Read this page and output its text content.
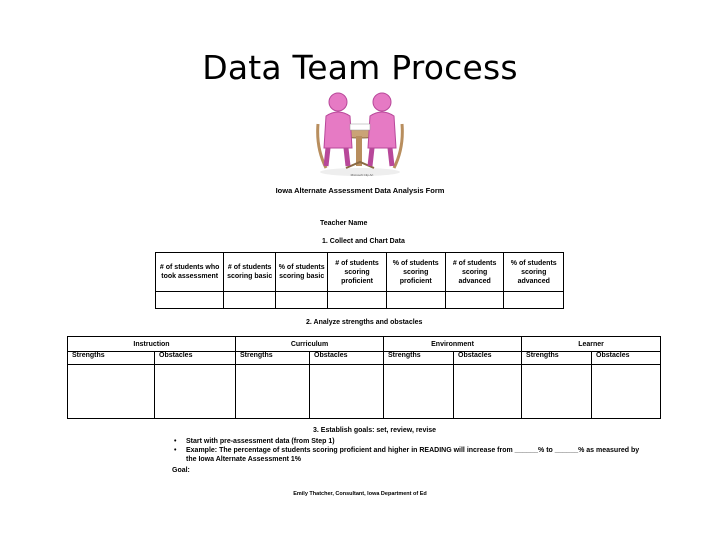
Data Team Process
Microsoft Clip Art
Iowa Alternate Assessment Data Analysis Form
Teacher Name
1. Collect and Chart Data
# of students who took assessment	# of students scoring basic	% of students scoring basic	# of students scoring proficient	% of students scoring proficient	# of students scoring advanced	% of students scoring advanced

2. Analyze strengths and obstacles
Instruction		Curriculum		Environment		Learner	
Strengths	Obstacles	Strengths	Obstacles	Strengths	Obstacles	Strengths	Obstacles

3. Establish goals: set, review, revise
• Start with pre-assessment data (from Step 1)
• Example: The percentage of students scoring proficient and higher in READING will increase from ______% to ______% as measured by the Iowa Alternate Assessment 1%
Goal:
Emily Thatcher, Consultant, Iowa Department of Ed
